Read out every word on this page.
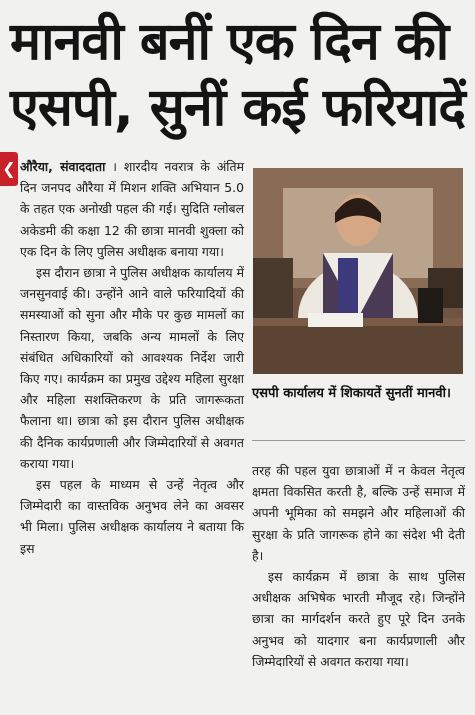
मानवी बनीं एक दिन की
एसपी, सुनीं कई फरियादें
❮ औरैया, संवाददाता । शारदीय नवरात्र के अंतिम दिन जनपद औरैया में मिशन शक्ति अभियान 5.0 के तहत एक अनोखी पहल की गई। सुदिति ग्लोबल अकेडमी की कक्षा 12 की छात्रा मानवी शुक्ला को एक दिन के लिए पुलिस अधीक्षक बनाया गया।

इस दौरान छात्रा ने पुलिस अधीक्षक कार्यालय में जनसुनवाई की। उन्होंने आने वाले फरियादियों की समस्याओं को सुना और मौके पर कुछ मामलों का निस्तारण किया, जबकि अन्य मामलों के लिए संबंधित अधिकारियों को आवश्यक निर्देश जारी किए गए। कार्यक्रम का प्रमुख उद्देश्य महिला सुरक्षा और महिला सशक्तिकरण के प्रति जागरूकता फैलाना था। छात्रा को इस दौरान पुलिस अधीक्षक की दैनिक कार्यप्रणाली और जिम्मेदारियों से अवगत कराया गया।

इस पहल के माध्यम से उन्हें नेतृत्व और जिम्मेदारी का वास्तविक अनुभव लेने का अवसर भी मिला। पुलिस अधीक्षक कार्यालय ने बताया कि इस

एसपी कार्यालय में शिकायतें सुनतीं मानवी।

तरह की पहल युवा छात्राओं में न केवल नेतृत्व क्षमता विकसित करती है, बल्कि उन्हें समाज में अपनी भूमिका को समझने और महिलाओं की सुरक्षा के प्रति जागरूक होने का संदेश भी देती है।

इस कार्यक्रम में छात्रा के साथ पुलिस अधीक्षक अभिषेक भारती मौजूद रहे। जिन्होंने छात्रा का मार्गदर्शन करते हुए पूरे दिन उनके अनुभव को यादगार बना कार्यप्रणाली और जिम्मेदारियों से अवगत कराया गया।
